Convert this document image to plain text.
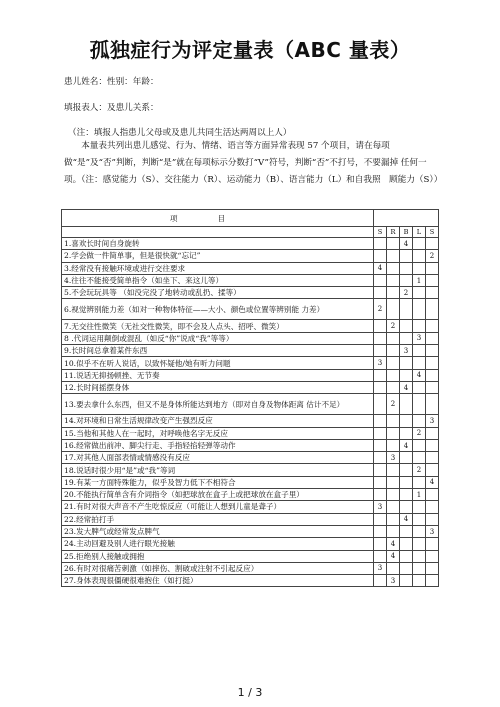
孤独症行为评定量表（ABC 量表）
患儿姓名：性别：年龄：
填报表人：及患儿关系：
（注：填报人指患儿父母或及患儿共同生活达两周以上人）
本量表共列出患儿感觉、行为、情绪、语言等方面异常表现 57 个项目，请在每项做“是”及“否”判断，判断“是”就在每项标示分数打“V”符号，判断“否”不打号，不要漏掉 任何一项。（注：感觉能力（S）、交往能力（R）、运动能力（B）、语言能力（L）和自我照　顾能力（S））
项目					
	S	R	B	L	S
1.喜欢长时间自身旋转			4		
2.学会做一件简单事，但是很快就“忘记”					2
3.经常没有接触环境或进行交往要求	4				
4.往往不能接受简单指令（如坐下、来这儿等）				1	
5.不会玩玩具等 （如没完没了地转动或乱扔、揉等）			2		
6.视觉辨别能力差（如对一种物体特征——大小、颜色或位置等辨别能 力差）	2				
7.无交往性微笑（无社交性微笑，即不会及人点头、招呼、微笑）		2			
8 .代词运用颠倒或混乱（如反“你”说成“我”等等）				3	
9.长时间总拿着某件东西			3		
10.似乎不在听人说话，以致怀疑他/她有听力问题	3				
11.说话无抑扬顿挫、无节奏				4	
12.长时间摇摆身体			4		
13.要去拿什么东西，但又不是身体所能达到地方（即对自身及物体距离 估计不足）		2			
14.对环境和日常生活规律改变产生强烈反应					3
15.当他和其他人在一起时，对呼唤他名字无反应				2	
16.经常做出前冲、脚尖行走、手指轻掐轻弹等动作			4		
17.对其他人面部表情或情感没有反应		3			
18.说话时很少用“是”或“我”等词				2	
19.有某一方面特殊能力，似乎及智力低下不相符合					4
20.不能执行简单含有介词指令（如把球放在盒子上或把球放在盒子里）				1	
21.有时对很大声音不产生吃惊反应（可能让人想到儿童是聋子）	3				
22.经常拍打手			4		
23.发大脾气或经常发点脾气					3
24.主动回避及别人进行眼光接触		4			
25.拒绝别人接触或拥抱		4			
26.有时对很痛苦刺激（如摔伤、割破或注射不引起反应）	3				
27.身体表现很僵硬很难抱住（如打挺）		3			
1 / 3
